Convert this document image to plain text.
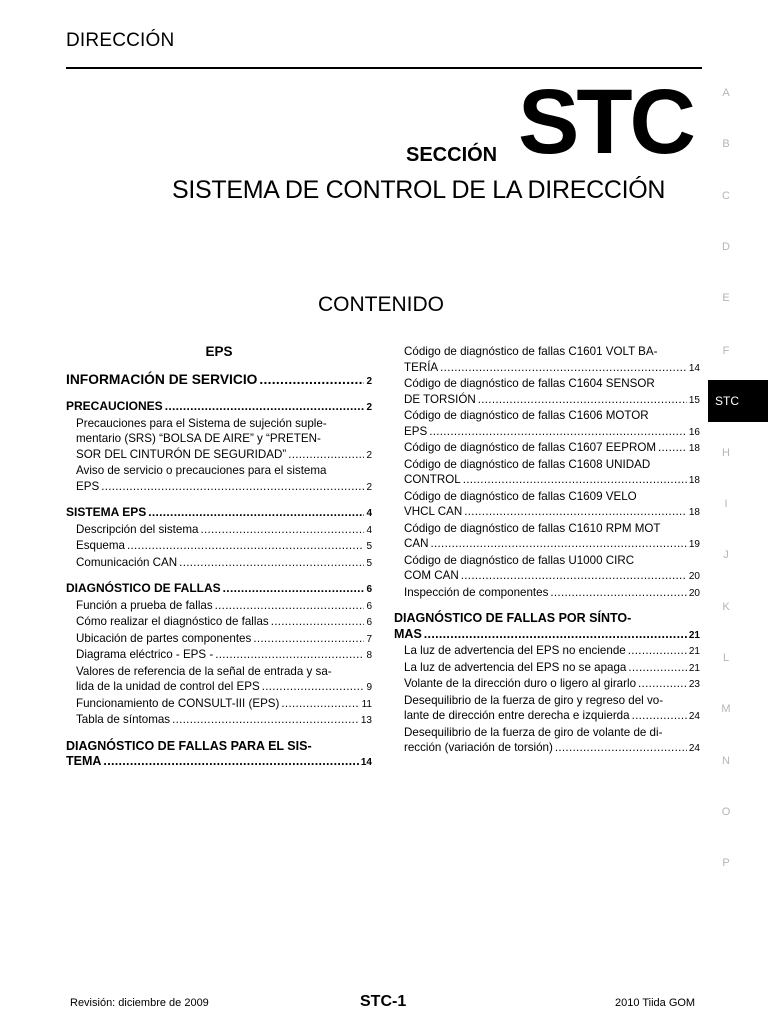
DIRECCIÓN
SECCIÓN STC
SISTEMA DE CONTROL DE LA DIRECCIÓN
CONTENIDO
EPS
INFORMACIÓN DE SERVICIO .....	2
PRECAUCIONES .....	2
Precauciones para el Sistema de sujeción suple-
mentario (SRS) “BOLSA DE AIRE” y “PRETEN-
SOR DEL CINTURÓN DE SEGURIDAD” .....	2
Aviso de servicio o precauciones para el sistema
EPS .....	2
SISTEMA EPS .....	4
Descripción del sistema .....	4
Esquema .....	5
Comunicación CAN .....	5
DIAGNÓSTICO DE FALLAS .....	6
Función a prueba de fallas .....	6
Cómo realizar el diagnóstico de fallas .....	6
Ubicación de partes componentes .....	7
Diagrama eléctrico - EPS - .....	8
Valores de referencia de la señal de entrada y sa-
lida de la unidad de control del EPS .....	9
Funcionamiento de CONSULT-III (EPS) .....	11
Tabla de síntomas .....	13
DIAGNÓSTICO DE FALLAS PARA EL SIS-
TEMA .....	14
Código de diagnóstico de fallas C1601 VOLT BA-
TERÍA .....	14
Código de diagnóstico de fallas C1604 SENSOR
DE TORSIÓN .....	15
Código de diagnóstico de fallas C1606 MOTOR
EPS .....	16
Código de diagnóstico de fallas C1607 EEPROM .....	18
Código de diagnóstico de fallas C1608 UNIDAD
CONTROL .....	18
Código de diagnóstico de fallas C1609 VELO
VHCL CAN .....	18
Código de diagnóstico de fallas C1610 RPM MOT
CAN .....	19
Código de diagnóstico de fallas U1000 CIRC
COM CAN .....	20
Inspección de componentes .....	20
DIAGNÓSTICO DE FALLAS POR SÍNTO-
MAS .....	21
La luz de advertencia del EPS no enciende .....	21
La luz de advertencia del EPS no se apaga .....	21
Volante de la dirección duro o ligero al girarlo .....	23
Desequilibrio de la fuerza de giro y regreso del vo-
lante de dirección entre derecha e izquierda .....	24
Desequilibrio de la fuerza de giro de volante de di-
rección (variación de torsión) .....	24
A
B
C
D
E
F
H
I
J
K
L
M
N
O
P
STC
Revisión: diciembre de 2009	STC-1	2010 Tiida GOM
